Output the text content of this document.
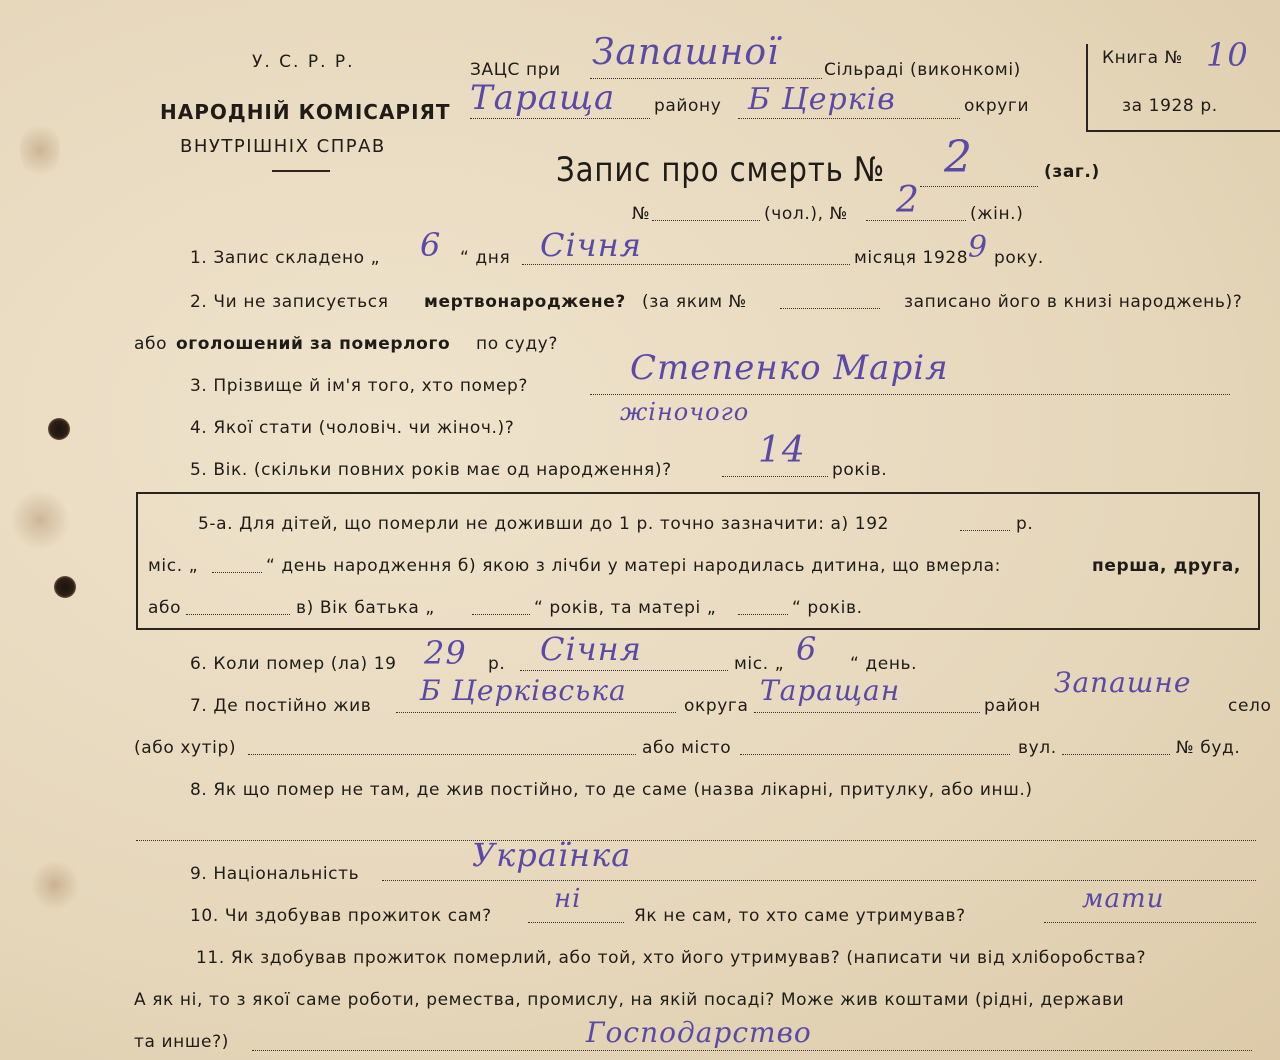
У. С. Р. Р.
НАРОДНІЙ КОМІСАРІЯТ
ВНУТРІШНІХ СПРАВ
ЗАЦС при Запашної	Сільраді (виконкомі)
Тараща району Б Церків	округи
Книга № 10
за 1928 р.
Запис про смерть № 2	(заг.)
№	(чол.), № 2	(жін.)
1. Запис складено „ 6 “ дня Січня	місяця 1928 9 року.
2. Чи не записується мертвонароджене? (за яким №	записано його в книзі народжень)?
або оголошений за померлого по суду?
3. Прізвище й ім'я того, хто помер?	Степенко Марія
4. Якої стати (чоловіч. чи жіноч.)?
жіночого
5. Вік. (скільки повних років має од народження)? 14 років.
5-а. Для дітей, що померли не доживши до 1 р. точно зазначити: а) 192	р.
міс. „	“ день народження б) якою з лічби у матері народилась дитина, що вмерла:	перша, друга,
або	в) Вік батька „	“ років, та матері „	“ років.
6. Коли помер (ла) 19 29 р. Січня	міс. „ 6 “ день.
7. Де постійно жив Б Церківська	округа Таращан	район
Запашне
село
(або хутір)	або місто	вул.	№ буд.
8. Як що помер не там, де жив постійно, то де саме (назва лікарні, притулку, або инш.)
9. Національність	Українка
10. Чи здобував прожиток сам?
ні
Як не сам, то хто саме утримував?
мати
11. Як здобував прожиток померлий, або той, хто його утримував? (написати чи від хліборобства?
А як ні, то з якої саме роботи, ремества, промислу, на якій посаді? Може жив коштами (рідні, держави
та инше?)	Господарство
